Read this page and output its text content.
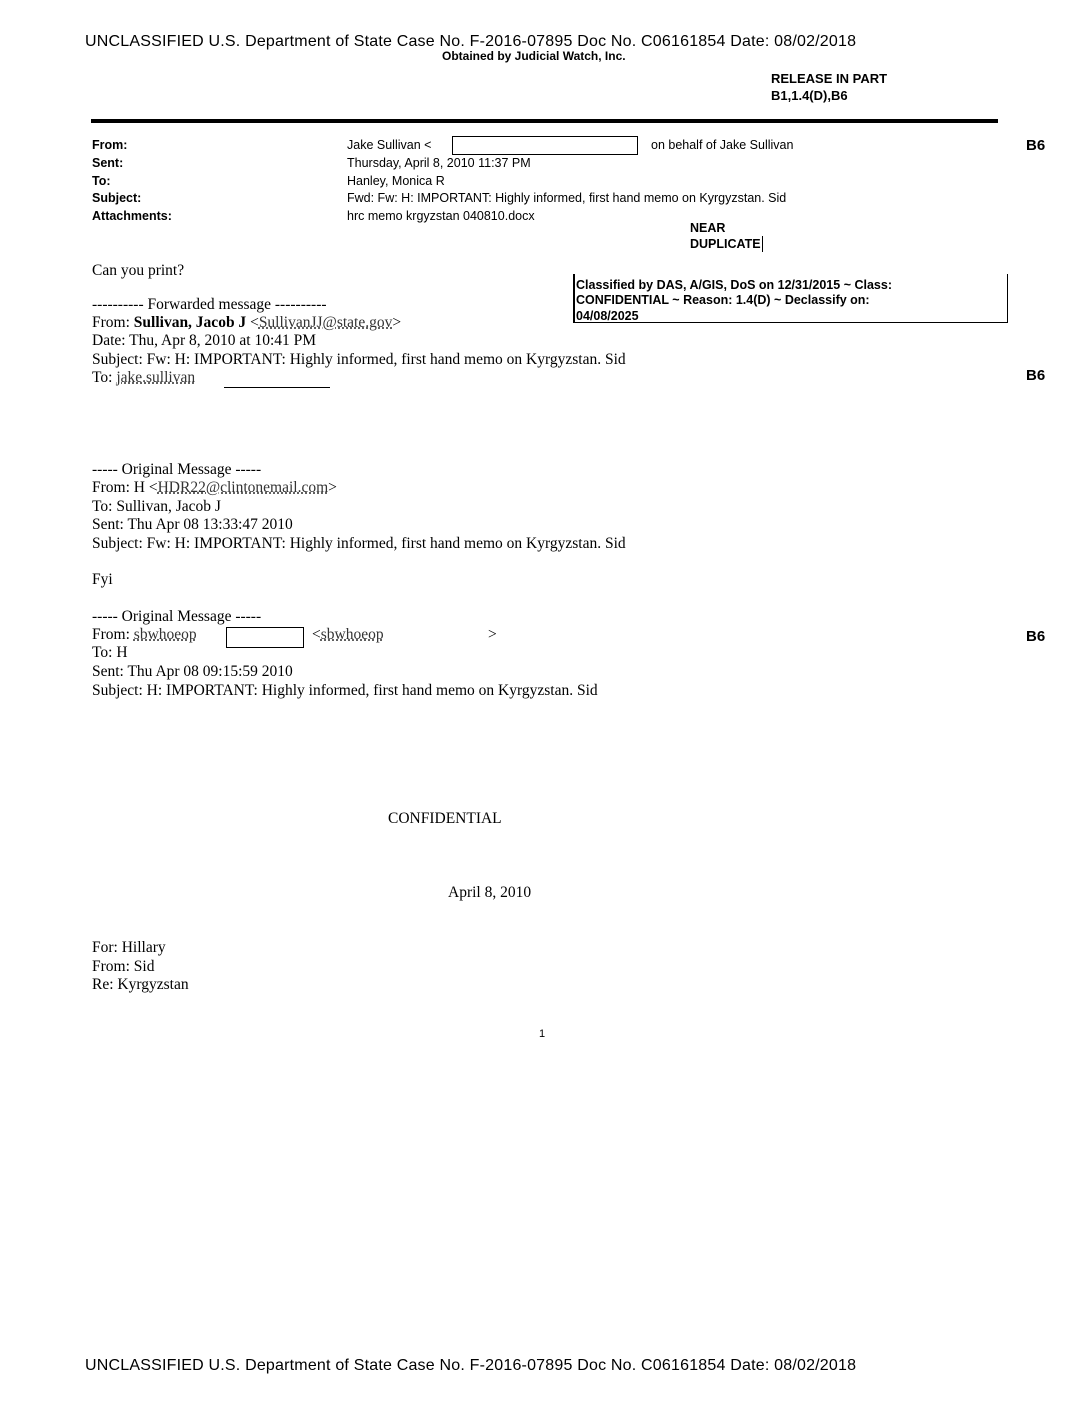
UNCLASSIFIED U.S. Department of State Case No. F-2016-07895 Doc No. C06161854 Date: 08/02/2018
Obtained by Judicial Watch, Inc.
RELEASE IN PART
B1,1.4(D),B6
From:	Jake Sullivan <	on behalf of Jake Sullivan	B6
Sent:	Thursday, April 8, 2010 11:37 PM
To:	Hanley, Monica R
Subject:	Fwd: Fw: H: IMPORTANT: Highly informed, first hand memo on Kyrgyzstan. Sid
Attachments:	hrc memo krgyzstan 040810.docx
NEAR
DUPLICATE
Classified by DAS, A/GIS, DoS on 12/31/2015 ~ Class:
CONFIDENTIAL ~ Reason: 1.4(D) ~ Declassify on:
04/08/2025
Can you print?
---------- Forwarded message ----------
From: Sullivan, Jacob J <SullivanJJ@state.gov>
Date: Thu, Apr 8, 2010 at 10:41 PM
Subject: Fw: H: IMPORTANT: Highly informed, first hand memo on Kyrgyzstan. Sid
To: jake.sullivan	B6
----- Original Message -----
From: H <HDR22@clintonemail.com>
To: Sullivan, Jacob J
Sent: Thu Apr 08 13:33:47 2010
Subject: Fw: H: IMPORTANT: Highly informed, first hand memo on Kyrgyzstan. Sid
Fyi
----- Original Message -----
From: sbwhoeop	<sbwhoeop	>	B6
To: H
Sent: Thu Apr 08 09:15:59 2010
Subject: H: IMPORTANT: Highly informed, first hand memo on Kyrgyzstan. Sid
CONFIDENTIAL
April 8, 2010
For: Hillary
From: Sid
Re: Kyrgyzstan
1
UNCLASSIFIED U.S. Department of State Case No. F-2016-07895 Doc No. C06161854 Date: 08/02/2018
